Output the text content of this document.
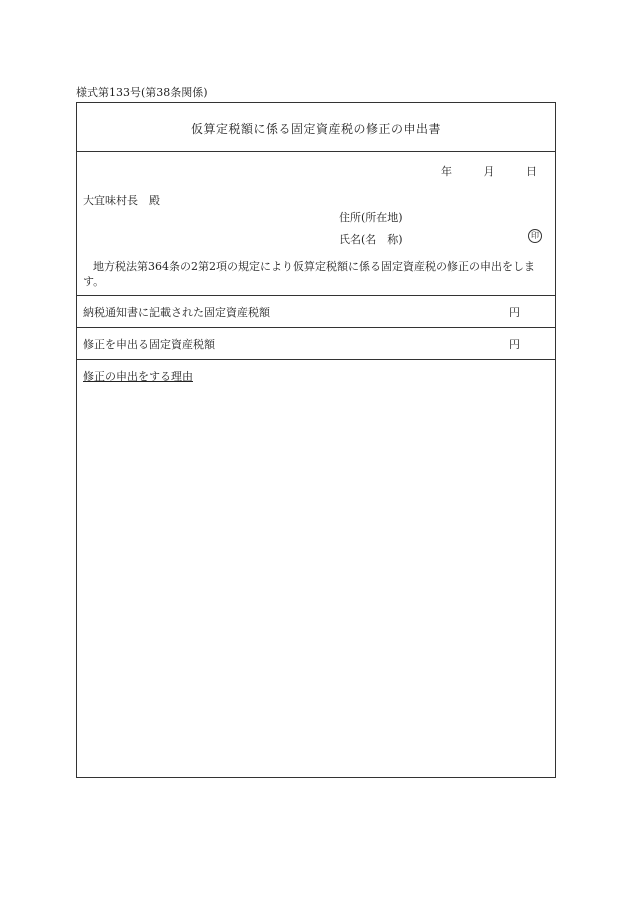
様式第133号(第38条関係)
仮算定税額に係る固定資産税の修正の申出書
年	月	日
大宜味村長　殿
住所(所在地)
氏名(名　称)	印
地方税法第364条の2第2項の規定により仮算定税額に係る固定資産税の修正の申出をします。
納税通知書に記載された固定資産税額	円
修正を申出る固定資産税額	円
修正の申出をする理由
